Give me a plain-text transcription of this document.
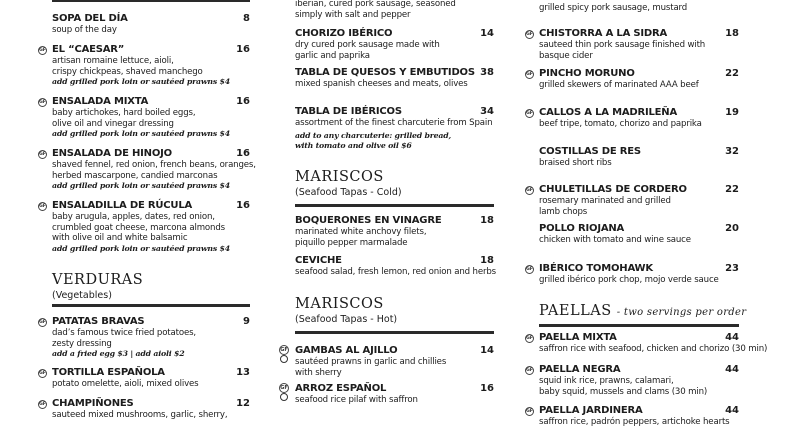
SOPA DEL DÍA	8
soup of the day
GF EL “CAESAR”	16
artisan romaine lettuce, aioli,
crispy chickpeas, shaved manchego
add grilled pork loin or sautéed prawns $4
GF ENSALADA MIXTA	16
baby artichokes, hard boiled eggs,
olive oil and vinegar dressing
add grilled pork loin or sautéed prawns $4
GF ENSALADA DE HINOJO	16
shaved fennel, red onion, french beans, oranges,
herbed mascarpone, candied marconas
add grilled pork loin or sautéed prawns $4
GF ENSALADILLA DE RÚCULA	16
baby arugula, apples, dates, red onion,
crumbled goat cheese, marcona almonds
with olive oil and white balsamic
add grilled pork loin or sautéed prawns $4
VERDURAS
(Vegetables)
GF PATATAS BRAVAS	9
dad’s famous twice fried potatoes,
zesty dressing
add a fried egg $3 | add aioli $2
GF TORTILLA ESPAÑOLA	13
potato omelette, aioli, mixed olives
GF CHAMPIÑONES	12
sauteed mixed mushrooms, garlic, sherry,
iberian, cured pork sausage, seasoned
simply with salt and pepper
CHORIZO IBÉRICO	14
dry cured pork sausage made with
garlic and paprika
TABLA DE QUESOS Y EMBUTIDOS 38
mixed spanish cheeses and meats, olives
TABLA DE IBÉRICOS	34
assortment of the finest charcuterie from Spain
add to any charcuterie: grilled bread,
with tomato and olive oil $6
MARISCOS
(Seafood Tapas - Cold)
BOQUERONES EN VINAGRE	18
marinated white anchovy filets,
piquillo pepper marmalade
CEVICHE	18
seafood salad, fresh lemon, red onion and herbs
MARISCOS
(Seafood Tapas - Hot)
GF GAMBAS AL AJILLO	14
sautéed prawns in garlic and chillies
with sherry
GF ARROZ ESPAÑOL	16
seafood rice pilaf with saffron
grilled spicy pork sausage, mustard
GF CHISTORRA A LA SIDRA	18
sauteed thin pork sausage finished with
basque cider
GF PINCHO MORUNO	22
grilled skewers of marinated AAA beef
GF CALLOS A LA MADRILEÑA	19
beef tripe, tomato, chorizo and paprika
COSTILLAS DE RES	32
braised short ribs
GF CHULETILLAS DE CORDERO	22
rosemary marinated and grilled
lamb chops
POLLO RIOJANA	20
chicken with tomato and wine sauce
GF IBÉRICO TOMOHAWK	23
grilled ibérico pork chop, mojo verde sauce
PAELLAS - two servings per order
GF PAELLA MIXTA	44
saffron rice with seafood, chicken and chorizo (30 min)
GF PAELLA NEGRA	44
squid ink rice, prawns, calamari,
baby squid, mussels and clams (30 min)
GF PAELLA JARDINERA	44
saffron rice, padrón peppers, artichoke hearts
